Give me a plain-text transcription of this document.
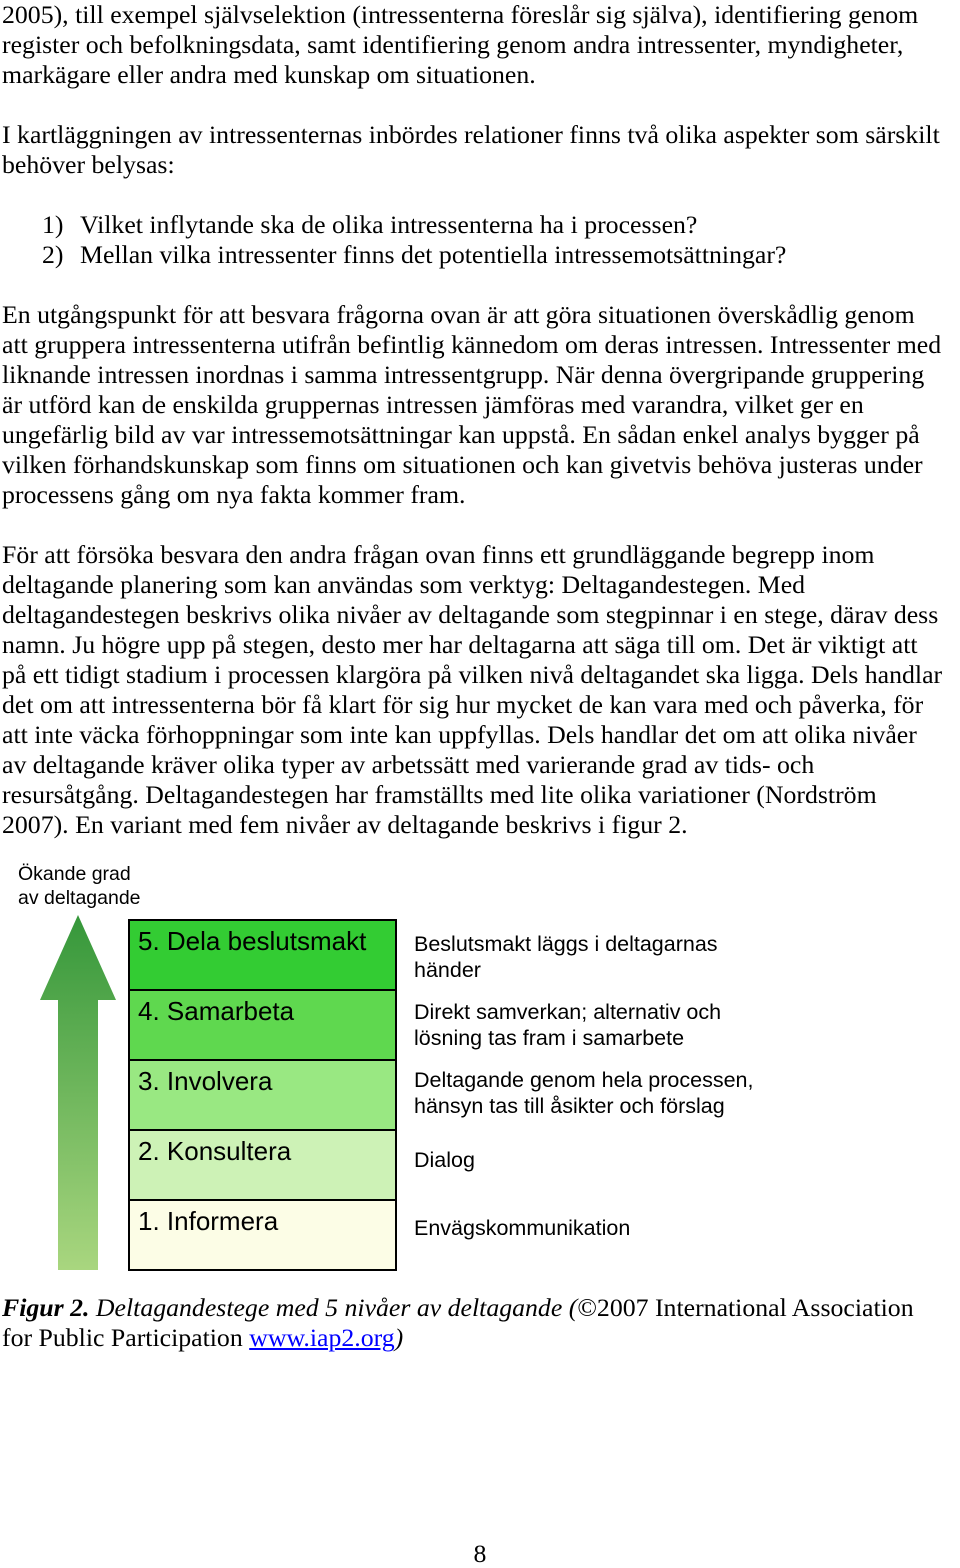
2005), till exempel självselektion (intressenterna föreslår sig själva), identifiering genom
register och befolkningsdata, samt identifiering genom andra intressenter, myndigheter,
markägare eller andra med kunskap om situationen.
I kartläggningen av intressenternas inbördes relationer finns två olika aspekter som särskilt
behöver belysas:
1) Vilket inflytande ska de olika intressenterna ha i processen?
2) Mellan vilka intressenter finns det potentiella intressemotsättningar?
En utgångspunkt för att besvara frågorna ovan är att göra situationen överskådlig genom
att gruppera intressenterna utifrån befintlig kännedom om deras intressen. Intressenter med
liknande intressen inordnas i samma intressentgrupp. När denna övergripande gruppering
är utförd kan de enskilda gruppernas intressen jämföras med varandra, vilket ger en
ungefärlig bild av var intressemotsättningar kan uppstå. En sådan enkel analys bygger på
vilken förhandskunskap som finns om situationen och kan givetvis behöva justeras under
processens gång om nya fakta kommer fram.
För att försöka besvara den andra frågan ovan finns ett grundläggande begrepp inom
deltagande planering som kan användas som verktyg: Deltagandestegen. Med
deltagandestegen beskrivs olika nivåer av deltagande som stegpinnar i en stege, därav dess
namn. Ju högre upp på stegen, desto mer har deltagarna att säga till om. Det är viktigt att
på ett tidigt stadium i processen klargöra på vilken nivå deltagandet ska ligga. Dels handlar
det om att intressenterna bör få klart för sig hur mycket de kan vara med och påverka, för
att inte väcka förhoppningar som inte kan uppfyllas. Dels handlar det om att olika nivåer
av deltagande kräver olika typer av arbetssätt med varierande grad av tids- och
resursåtgång. Deltagandestegen har framställts med lite olika variationer (Nordström
2007). En variant med fem nivåer av deltagande beskrivs i figur 2.
Ökande grad
av deltagande
5. Dela beslutsmakt
4. Samarbeta
3. Involvera
2. Konsultera
1. Informera
Beslutsmakt läggs i deltagarnas
händer
Direkt samverkan; alternativ och
lösning tas fram i samarbete
Deltagande genom hela processen,
hänsyn tas till åsikter och förslag
Dialog
Envägskommunikation
Figur 2. Deltagandestege med 5 nivåer av deltagande (©2007 International Association
for Public Participation www.iap2.org)
8
